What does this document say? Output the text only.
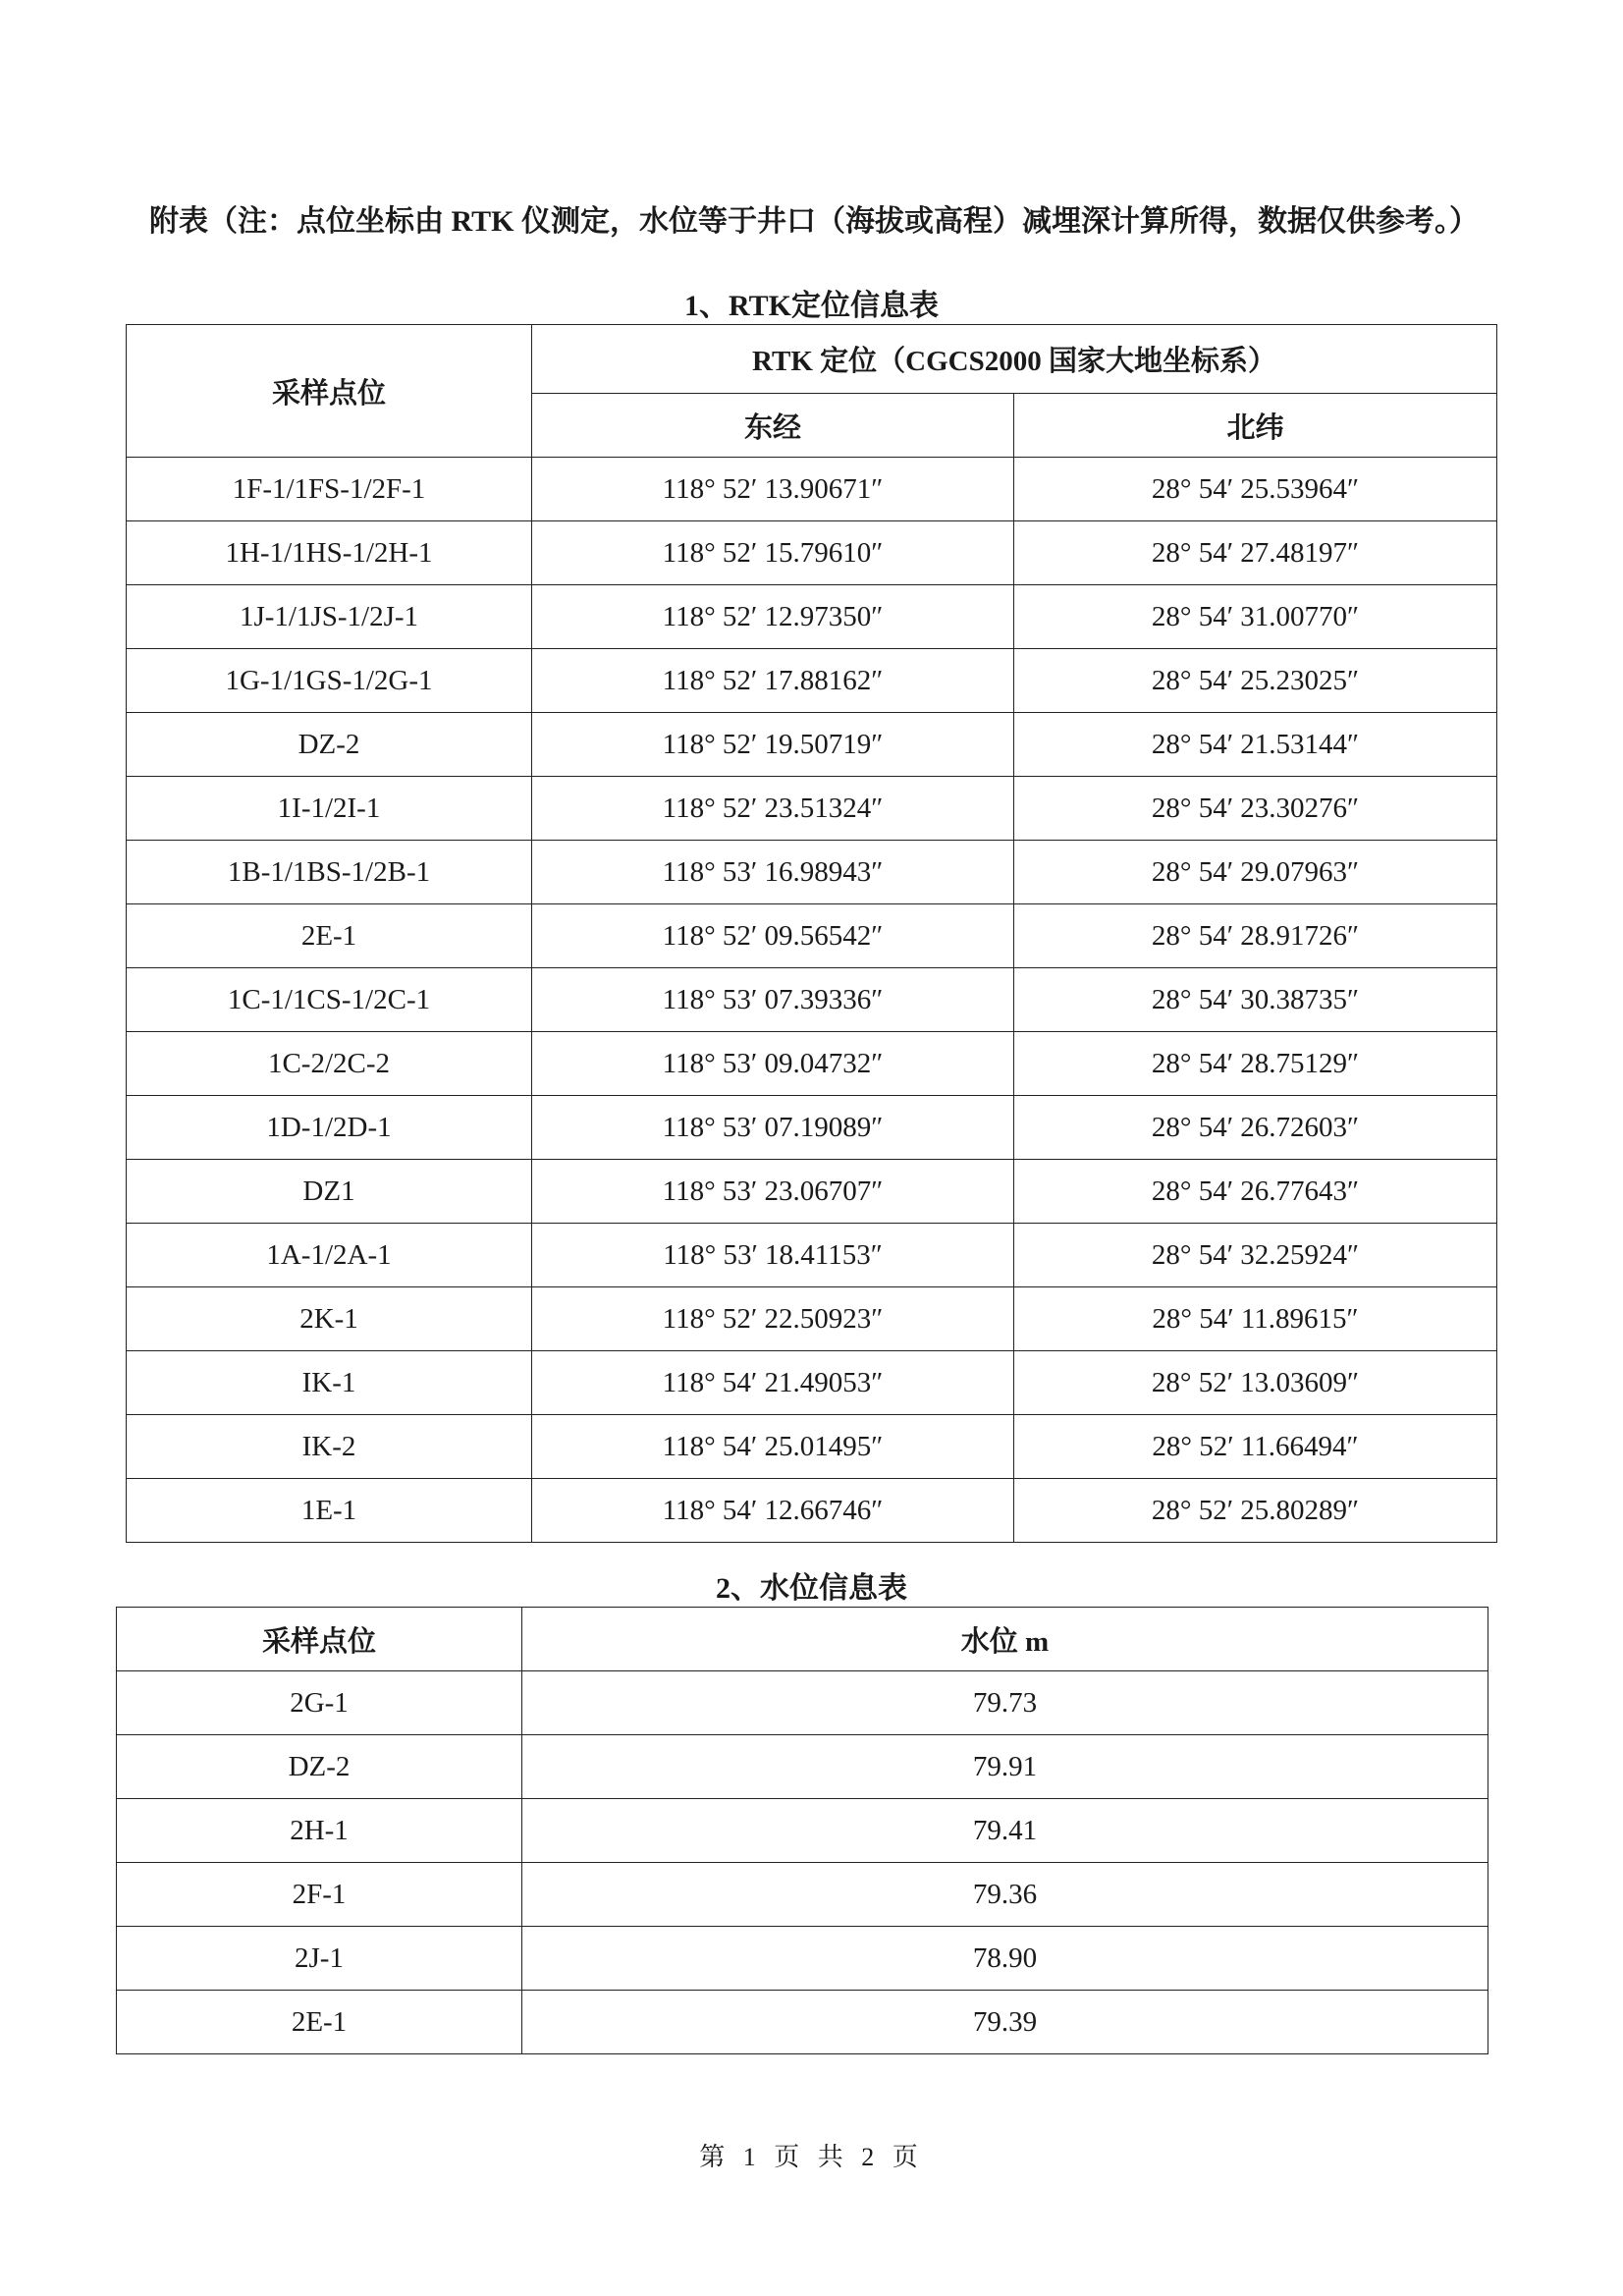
附表（注：点位坐标由 RTK 仪测定，水位等于井口（海拔或高程）减埋深计算所得，数据仅供参考。）
1、RTK定位信息表
采样点位	RTK 定位（CGCS2000 国家大地坐标系）	
	东经	北纬
1F-1/1FS-1/2F-1	118° 52′ 13.90671″	28° 54′ 25.53964″
1H-1/1HS-1/2H-1	118° 52′ 15.79610″	28° 54′ 27.48197″
1J-1/1JS-1/2J-1	118° 52′ 12.97350″	28° 54′ 31.00770″
1G-1/1GS-1/2G-1	118° 52′ 17.88162″	28° 54′ 25.23025″
DZ-2	118° 52′ 19.50719″	28° 54′ 21.53144″
1I-1/2I-1	118° 52′ 23.51324″	28° 54′ 23.30276″
1B-1/1BS-1/2B-1	118° 53′ 16.98943″	28° 54′ 29.07963″
2E-1	118° 52′ 09.56542″	28° 54′ 28.91726″
1C-1/1CS-1/2C-1	118° 53′ 07.39336″	28° 54′ 30.38735″
1C-2/2C-2	118° 53′ 09.04732″	28° 54′ 28.75129″
1D-1/2D-1	118° 53′ 07.19089″	28° 54′ 26.72603″
DZ1	118° 53′ 23.06707″	28° 54′ 26.77643″
1A-1/2A-1	118° 53′ 18.41153″	28° 54′ 32.25924″
2K-1	118° 52′ 22.50923″	28° 54′ 11.89615″
IK-1	118° 54′ 21.49053″	28° 52′ 13.03609″
IK-2	118° 54′ 25.01495″	28° 52′ 11.66494″
1E-1	118° 54′ 12.66746″	28° 52′ 25.80289″
2、水位信息表
采样点位	水位 m
2G-1	79.73
DZ-2	79.91
2H-1	79.41
2F-1	79.36
2J-1	78.90
2E-1	79.39
第 1 页 共 2 页
